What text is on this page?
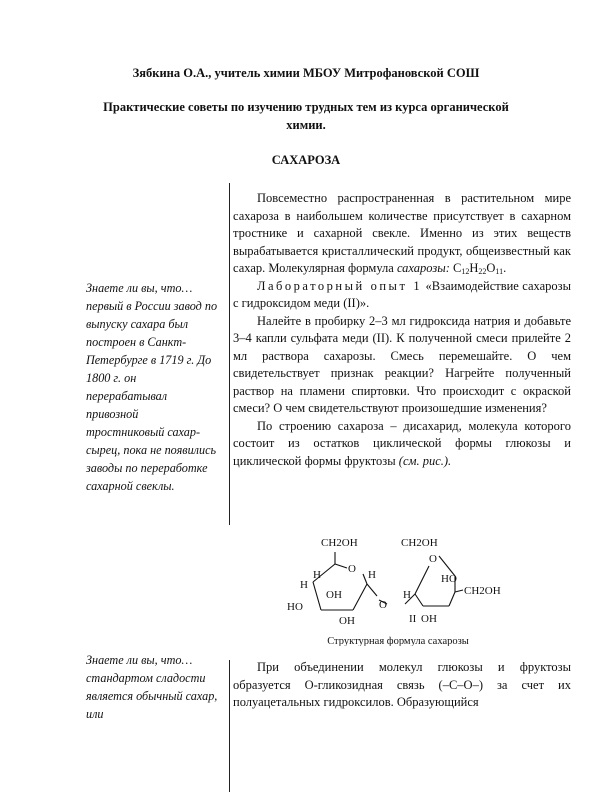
Зябкина О.А., учитель химии МБОУ Митрофановской СОШ
Практические советы по изучению трудных тем из курса органической
химии.
САХАРОЗА
Знаете ли вы, что… первый в России завод по выпуску сахара был построен в Санкт-Петербурге в 1719 г. До 1800 г. он перерабатывал привозной тростниковый сахар-сырец, пока не появились заводы по переработке сахарной свеклы.
Знаете ли вы, что… стандартом сладости является обычный сахар, или

Повсеместно распространенная в растительном мире сахароза в наибольшем количестве присутствует в сахарном тростнике и сахарной свекле. Именно из этих веществ вырабатывается кристаллический продукт, общеизвестный как сахар. Молекулярная формула сахарозы: $C_{12}H_{22}O_{11}$.

Лабораторный опыт 1 «Взаимодействие сахарозы с гидроксидом меди (II)».

Налейте в пробирку 2–3 мл гидроксида натрия и добавьте 3–4 капли сульфата меди (II). К полученной смеси прилейте 2 мл раствора сахарозы. Смесь перемешайте. О чем свидетельствует признак реакции? Нагрейте полученный раствор на пламени спиртовки. Что происходит с окраской смеси? О чем свидетельствуют произошедшие изменения?

По строению сахароза – дисахарид, молекула которого состоит из остатков циклической формы глюкозы и циклической формы фруктозы (см. рис.).

CH2OH
O
H
H
OH
H
HO
OH
O
CH2OH
O
H
HO
OH
II
CH2OH
Структурная формула сахарозы

При объединении молекул глюкозы и фруктозы образуется О-гликозидная связь (–С–О–) за счет их полуацетальных гидроксилов. Образующийся
